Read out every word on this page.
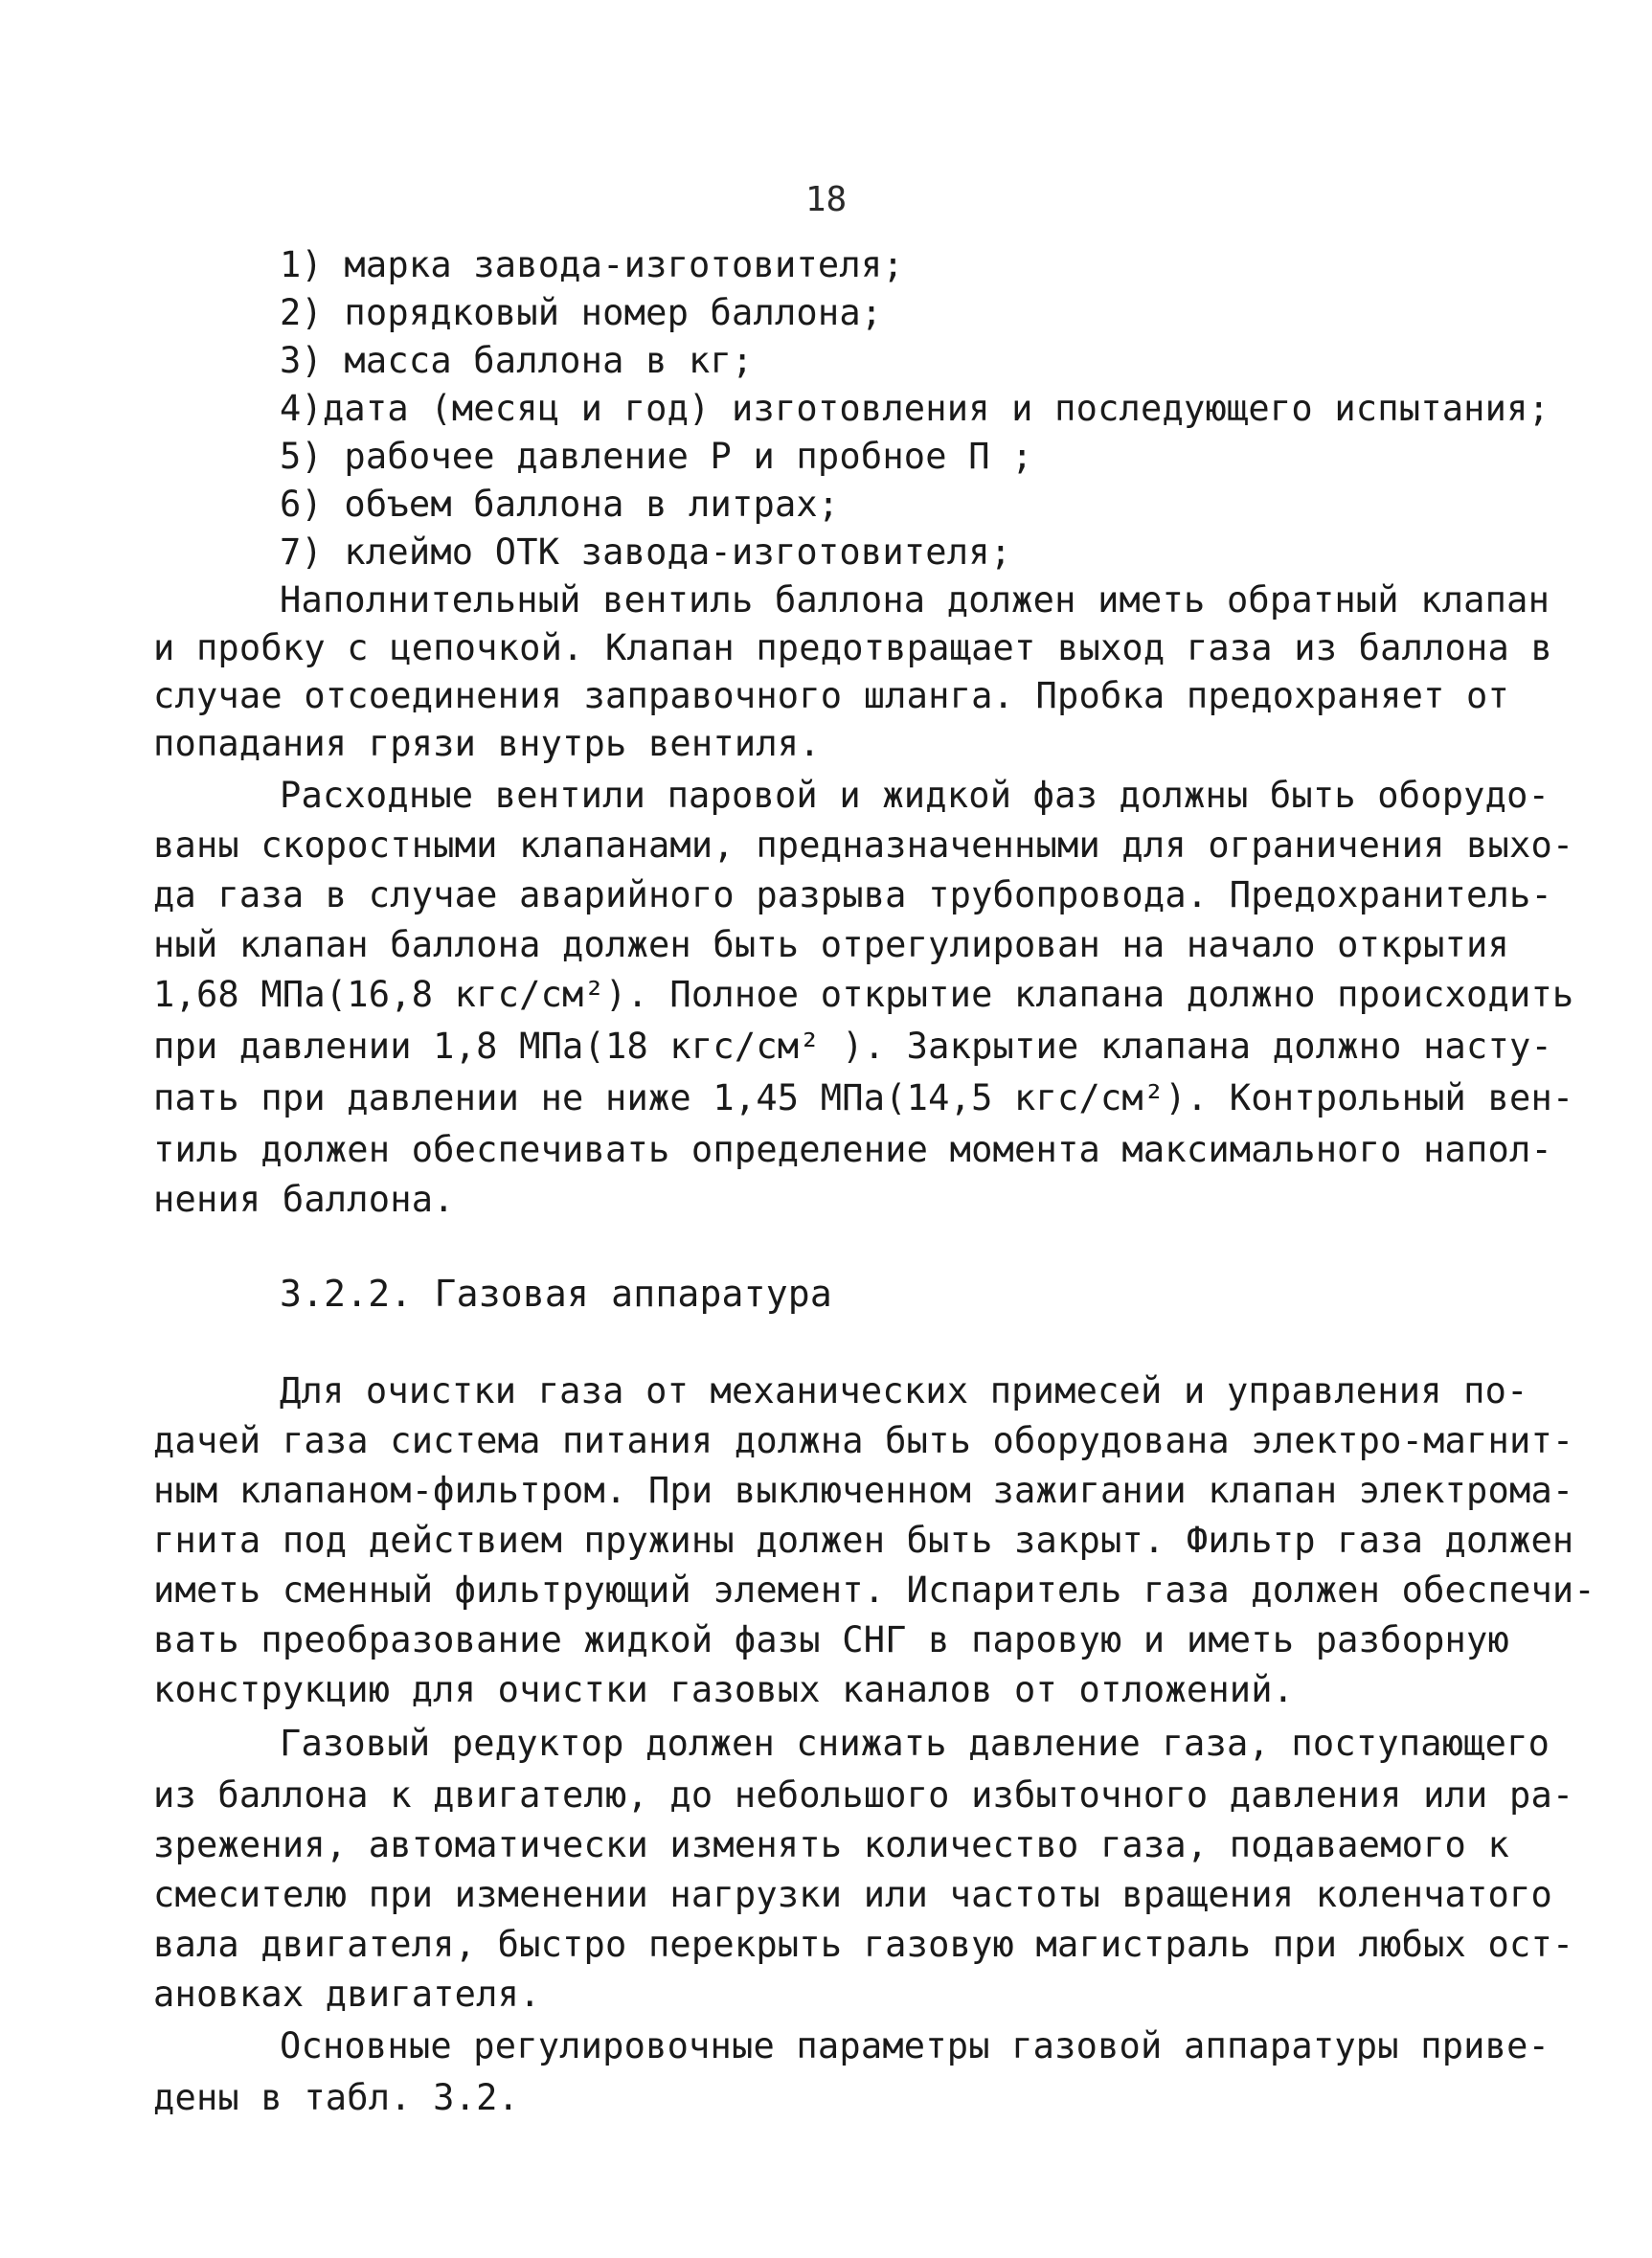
18
1) марка завода-изготовителя;
2) порядковый номер баллона;
3) масса баллона в кг;
4)дата (месяц и год) изготовления и последующего испытания;
5) рабочее давление Р и пробное П ;
6) объем баллона в литрах;
7) клеймо ОТК завода-изготовителя;
Наполнительный вентиль баллона должен иметь обратный клапан
и пробку с цепочкой. Клапан предотвращает выход газа из баллона в
случае отсоединения заправочного шланга. Пробка предохраняет от
попадания грязи внутрь вентиля.
Расходные вентили паровой и жидкой фаз должны быть оборудо-
ваны скоростными клапанами, предназначенными для ограничения выхо-
да газа в случае аварийного разрыва трубопровода. Предохранитель-
ный клапан баллона должен быть отрегулирован на начало открытия
1,68 МПа(16,8 кгс/см²). Полное открытие клапана должно происходить
при давлении 1,8 МПа(18 кгс/см² ). Закрытие клапана должно насту-
пать при давлении не ниже 1,45 МПа(14,5 кгс/см²). Контрольный вен-
тиль должен обеспечивать определение момента максимального напол-
нения баллона.
3.2.2. Газовая аппаратура
Для очистки газа от механических примесей и управления по-
дачей газа система питания должна быть оборудована электро-магнит-
ным клапаном-фильтром. При выключенном зажигании клапан электрома-
гнита под действием пружины должен быть закрыт. Фильтр газа должен
иметь сменный фильтрующий элемент. Испаритель газа должен обеспечи-
вать преобразование жидкой фазы СНГ в паровую и иметь разборную
конструкцию для очистки газовых каналов от отложений.
Газовый редуктор должен снижать давление газа, поступающего
из баллона к двигателю, до небольшого избыточного давления или ра-
зрежения, автоматически изменять количество газа, подаваемого к
смесителю при изменении нагрузки или частоты вращения коленчатого
вала двигателя, быстро перекрыть газовую магистраль при любых ост-
ановках двигателя.
Основные регулировочные параметры газовой аппаратуры приве-
дены в табл. 3.2.
